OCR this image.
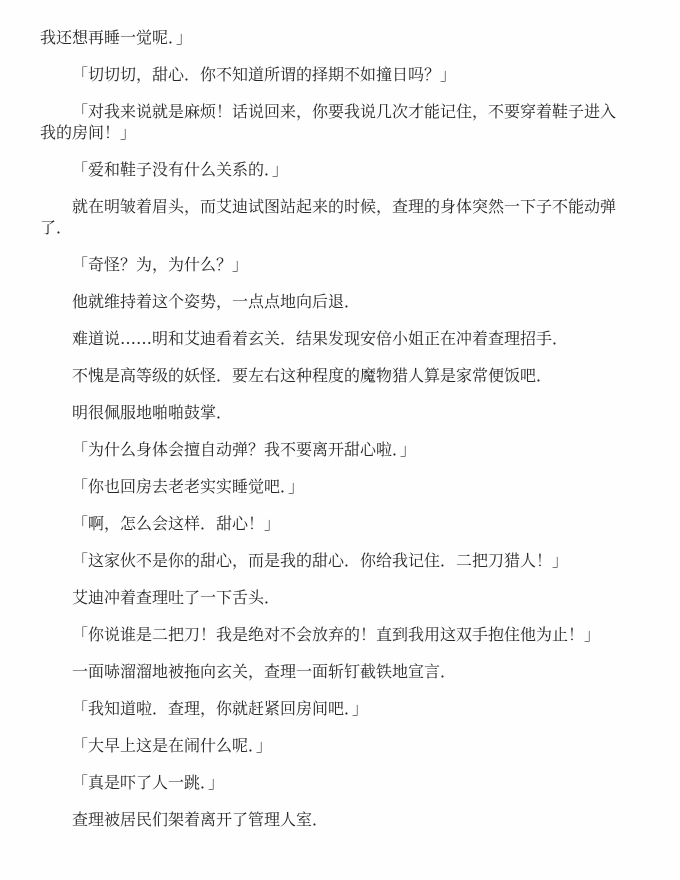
我还想再睡一觉呢．」

「切切切，甜心．你不知道所谓的择期不如撞日吗？」

「对我来说就是麻烦！话说回来，你要我说几次才能记住，不要穿着鞋子进入我的房间！」

「爱和鞋子没有什么关系的．」

就在明皱着眉头，而艾迪试图站起来的时候，查理的身体突然一下子不能动弹了．

「奇怪？为，为什么？」

他就维持着这个姿势，一点点地向后退．

难道说……明和艾迪看着玄关．结果发现安倍小姐正在冲着查理招手．

不愧是高等级的妖怪．要左右这种程度的魔物猎人算是家常便饭吧．

明很佩服地啪啪鼓掌．

「为什么身体会擅自动弹？我不要离开甜心啦．」

「你也回房去老老实实睡觉吧．」

「啊，怎么会这样．甜心！」

「这家伙不是你的甜心，而是我的甜心．你给我记住．二把刀猎人！」

艾迪冲着查理吐了一下舌头．

「你说谁是二把刀！我是绝对不会放弃的！直到我用这双手抱住他为止！」

一面哧溜溜地被拖向玄关，查理一面斩钉截铁地宣言．

「我知道啦．查理，你就赶紧回房间吧．」

「大早上这是在闹什么呢．」

「真是吓了人一跳．」

查理被居民们架着离开了管理人室．
